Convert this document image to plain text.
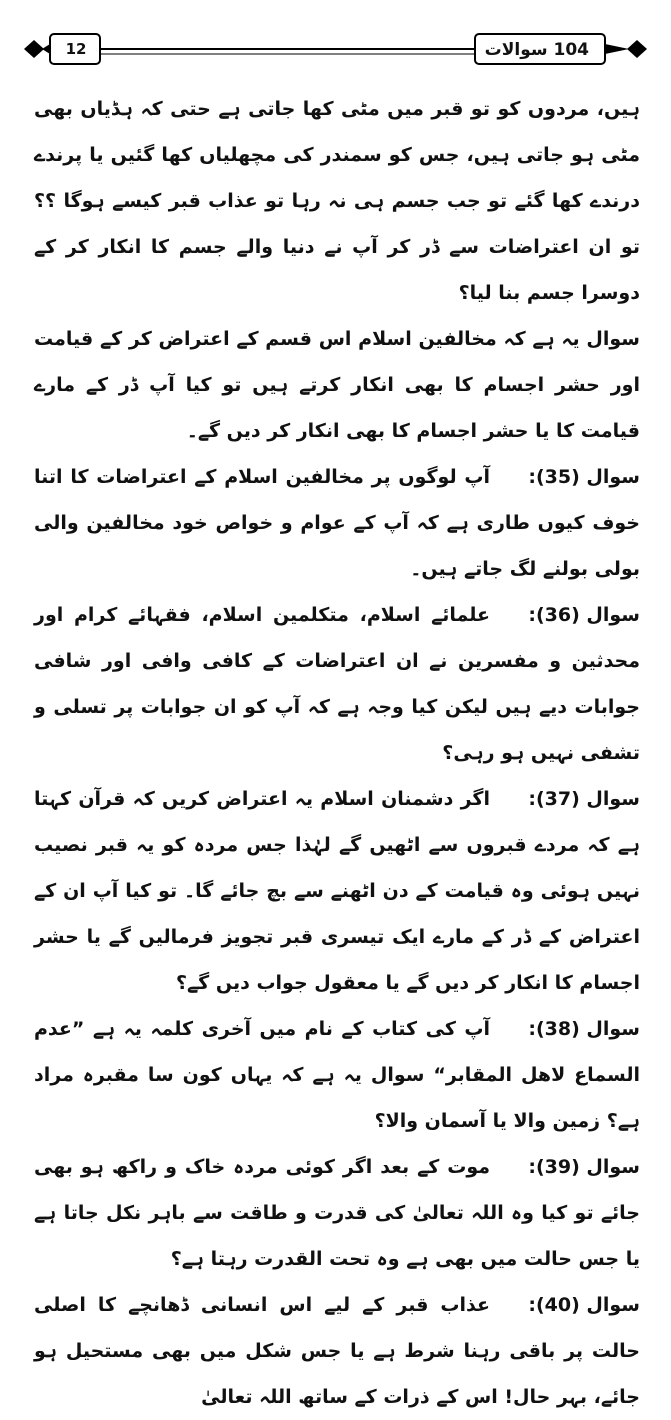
104 سوالات
12

ہیں، مردوں کو تو قبر میں مٹی کھا جاتی ہے حتی کہ ہڈیاں بھی مٹی ہو جاتی ہیں، جس کو سمندر کی مچھلیاں کھا گئیں یا پرندے درندے کھا گئے تو جب جسم ہی نہ رہا تو عذاب قبر کیسے ہوگا ؟؟ تو ان اعتراضات سے ڈر کر آپ نے دنیا والے جسم کا انکار کر کے دوسرا جسم بنا لیا؟

سوال یہ ہے کہ مخالفین اسلام اس قسم کے اعتراض کر کے قیامت اور حشر اجسام کا بھی انکار کرتے ہیں تو کیا آپ ڈر کے مارے قیامت کا یا حشر اجسام کا بھی انکار کر دیں گے۔

سوال (35):آپ لوگوں پر مخالفین اسلام کے اعتراضات کا اتنا خوف کیوں طاری ہے کہ آپ کے عوام و خواص خود مخالفین والی بولی بولنے لگ جاتے ہیں۔

سوال (36):علمائے اسلام، متکلمین اسلام، فقہائے کرام اور محدثین و مفسرین نے ان اعتراضات کے کافی وافی اور شافی جوابات دیے ہیں لیکن کیا وجہ ہے کہ آپ کو ان جوابات پر تسلی و تشفی نہیں ہو رہی؟

سوال (37):اگر دشمنان اسلام یہ اعتراض کریں کہ قرآن کہتا ہے کہ مردے قبروں سے اٹھیں گے لہٰذا جس مردہ کو یہ قبر نصیب نہیں ہوئی وہ قیامت کے دن اٹھنے سے بچ جائے گا۔ تو کیا آپ ان کے اعتراض کے ڈر کے مارے ایک تیسری قبر تجویز فرمالیں گے یا حشر اجسام کا انکار کر دیں گے یا معقول جواب دیں گے؟

سوال (38):آپ کی کتاب کے نام میں آخری کلمہ یہ ہے ”عدم السماع لاھل المقابر“ سوال یہ ہے کہ یہاں کون سا مقبرہ مراد ہے؟ زمین والا یا آسمان والا؟

سوال (39):موت کے بعد اگر کوئی مردہ خاک و راکھ ہو بھی جائے تو کیا وہ اللہ تعالیٰ کی قدرت و طاقت سے باہر نکل جاتا ہے یا جس حالت میں بھی ہے وہ تحت القدرت رہتا ہے؟

سوال (40):عذاب قبر کے لیے اس انسانی ڈھانچے کا اصلی حالت پر باقی رہنا شرط ہے یا جس شکل میں بھی مستحیل ہو جائے، بہر حال! اس کے ذرات کے ساتھ اللہ تعالیٰ
